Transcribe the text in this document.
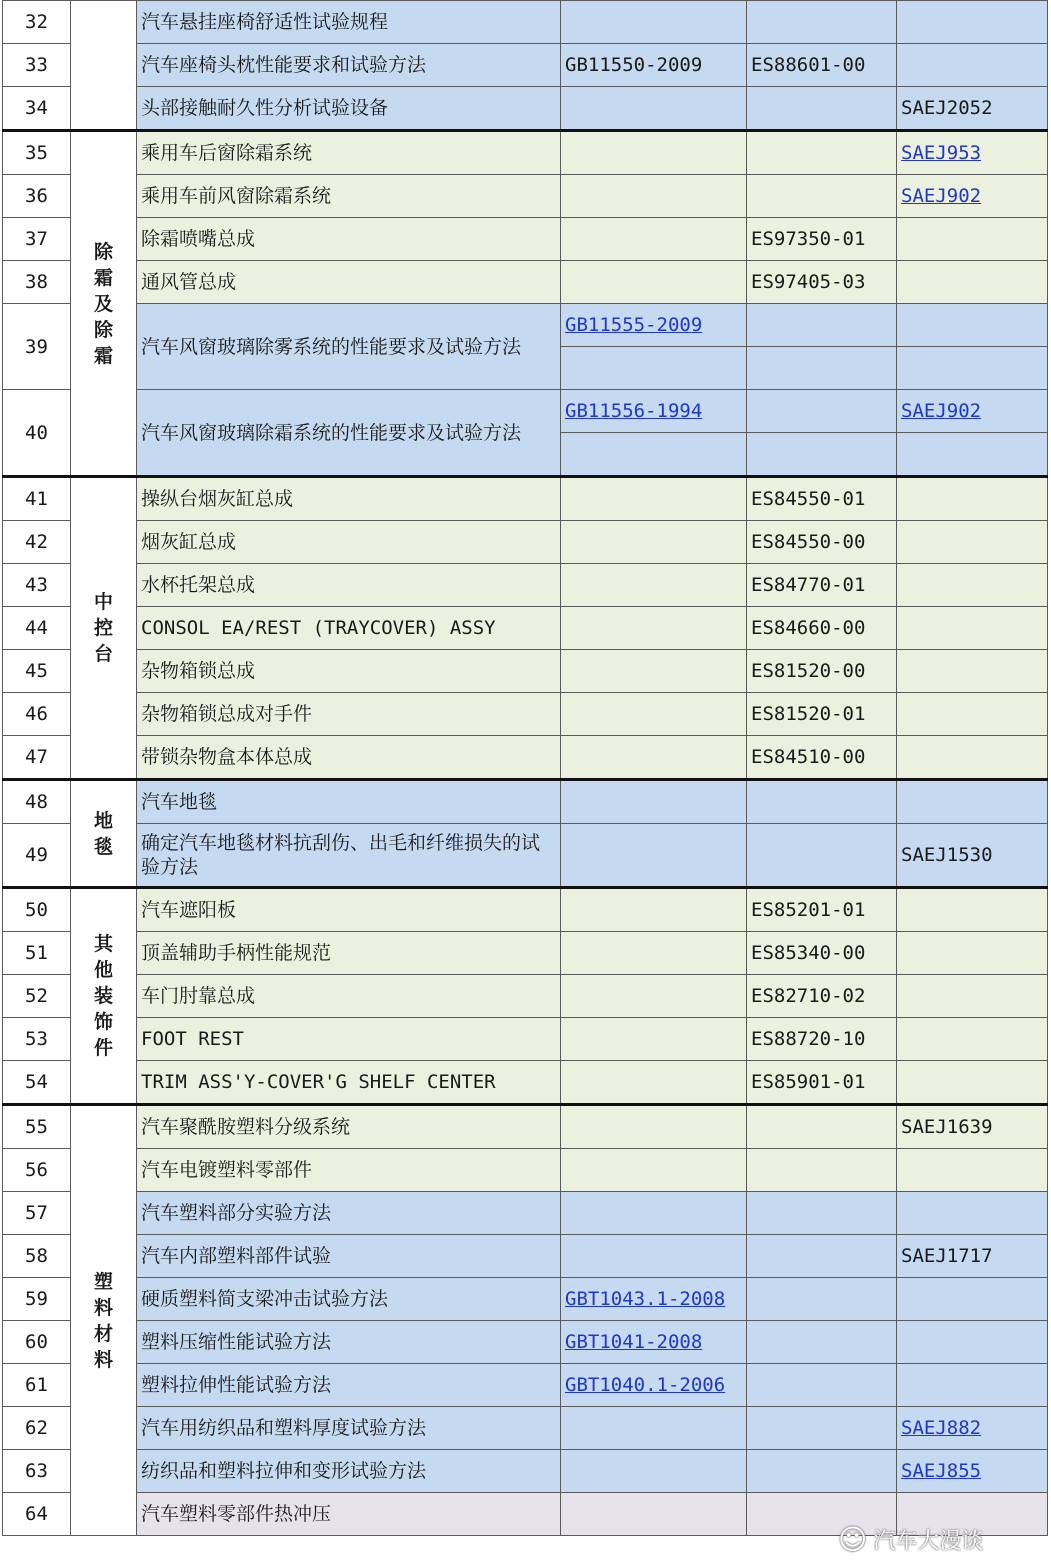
32		汽车悬挂座椅舒适性试验规程			
33		汽车座椅头枕性能要求和试验方法	GB11550-2009	ES88601-00	
34		头部接触耐久性分析试验设备			SAEJ2052
35	除霜及除霜	乘用车后窗除霜系统			SAEJ953
36		乘用车前风窗除霜系统			SAEJ902
37		除霜喷嘴总成		ES97350-01	
38		通风管总成		ES97405-03	
39		汽车风窗玻璃除雾系统的性能要求及试验方法	GB11555-2009		

40		汽车风窗玻璃除霜系统的性能要求及试验方法	GB11556-1994		SAEJ902

41	中控台	操纵台烟灰缸总成		ES84550-01	
42		烟灰缸总成		ES84550-00	
43		水杯托架总成		ES84770-01	
44		CONSOL EA/REST (TRAYCOVER) ASSY		ES84660-00	
45		杂物箱锁总成		ES81520-00	
46		杂物箱锁总成对手件		ES81520-01	
47		带锁杂物盒本体总成		ES84510-00	
48	地毯	汽车地毯			
49		确定汽车地毯材料抗刮伤、出毛和纤维损失的试验方法			SAEJ1530
50	其他装饰件	汽车遮阳板		ES85201-01	
51		顶盖辅助手柄性能规范		ES85340-00	
52		车门肘靠总成		ES82710-02	
53		FOOT REST		ES88720-10	
54		TRIM ASS'Y-COVER'G SHELF CENTER		ES85901-01	
55	塑料材料	汽车聚酰胺塑料分级系统			SAEJ1639
56		汽车电镀塑料零部件			
57		汽车塑料部分实验方法			
58		汽车内部塑料部件试验			SAEJ1717
59		硬质塑料简支梁冲击试验方法	GBT1043.1-2008		
60		塑料压缩性能试验方法	GBT1041-2008		
61		塑料拉伸性能试验方法	GBT1040.1-2006		
62		汽车用纺织品和塑料厚度试验方法			SAEJ882
63		纺织品和塑料拉伸和变形试验方法			SAEJ855
64		汽车塑料零部件热冲压			
☺ 汽车大漫谈
